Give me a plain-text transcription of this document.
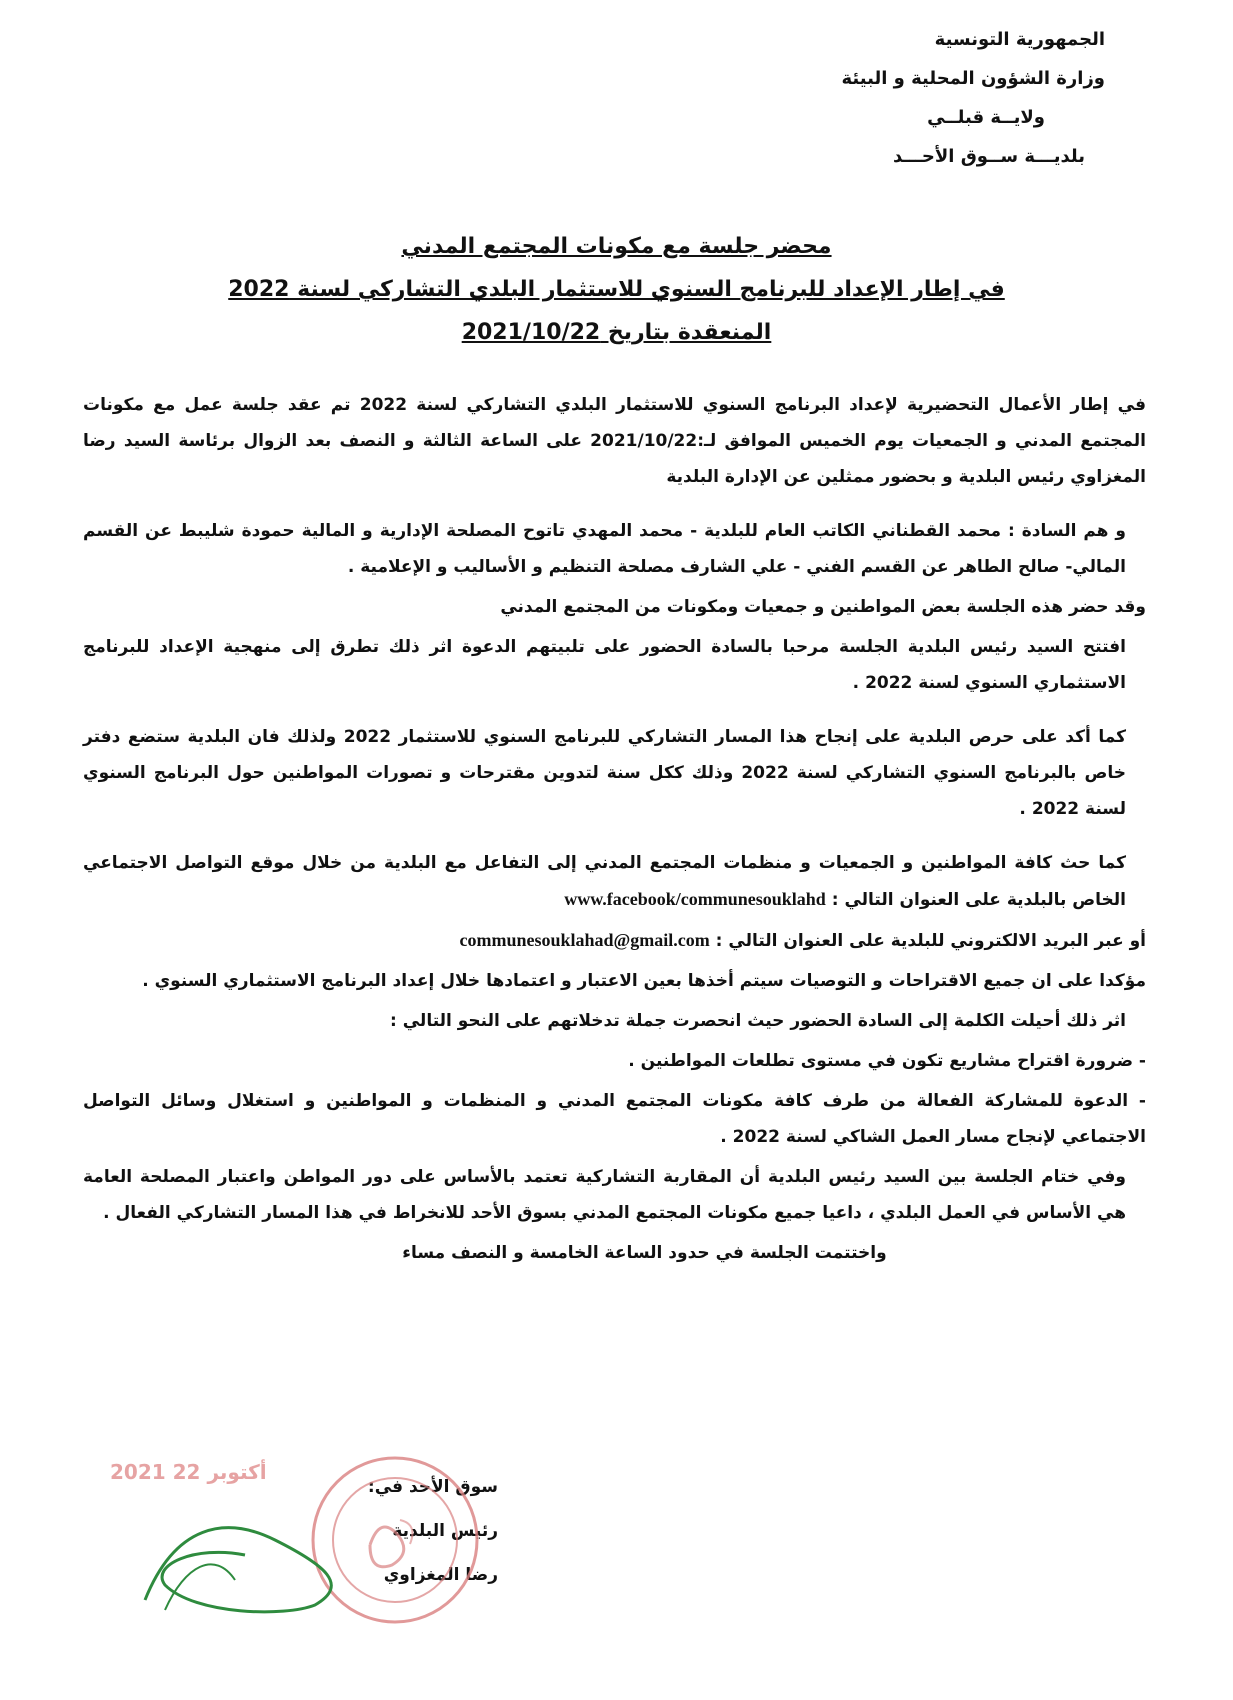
الجمهورية التونسية
وزارة الشؤون المحلية و البيئة
ولايــة قبلــي
بلديـــة ســوق الأحـــد
محضر جلسة مع مكونات المجتمع المدني
في إطار الإعداد للبرنامج السنوي للاستثمار البلدي التشاركي لسنة 2022
المنعقدة بتاريخ 2021/10/22

في إطار الأعمال التحضيرية لإعداد البرنامج السنوي للاستثمار البلدي التشاركي لسنة 2022 تم عقد جلسة عمل مع مكونات المجتمع المدني و الجمعيات يوم الخميس الموافق لـ:2021/10/22 على الساعة الثالثة و النصف بعد الزوال برئاسة السيد رضا المغزاوي رئيس البلدية و بحضور ممثلين عن الإدارة البلدية

و هم السادة : محمد القطناني الكاتب العام للبلدية - محمد المهدي تاتوح المصلحة الإدارية و المالية حمودة شليبط عن القسم المالي- صالح الطاهر عن القسم الفني - علي الشارف مصلحة التنظيم و الأساليب و الإعلامية .

وقد حضر هذه الجلسة بعض المواطنين و جمعيات ومكونات من المجتمع المدني

افتتح السيد رئيس البلدية الجلسة مرحبا بالسادة الحضور على تلبيتهم الدعوة اثر ذلك تطرق إلى منهجية الإعداد للبرنامج الاستثماري السنوي لسنة 2022 .

كما أكد على حرص البلدية على إنجاح هذا المسار التشاركي للبرنامج السنوي للاستثمار 2022 ولذلك فان البلدية ستضع دفتر خاص بالبرنامج السنوي التشاركي لسنة 2022 وذلك ككل سنة لتدوين مقترحات و تصورات المواطنين حول البرنامج السنوي لسنة 2022 .

كما حث كافة المواطنين و الجمعيات و منظمات المجتمع المدني إلى التفاعل مع البلدية من خلال موقع التواصل الاجتماعي الخاص بالبلدية على العنوان التالي : www.facebook/communesouklahd

أو عبر البريد الالكتروني للبلدية على العنوان التالي : communesouklahad@gmail.com

مؤكدا على ان جميع الاقتراحات و التوصيات سيتم أخذها بعين الاعتبار و اعتمادها خلال إعداد البرنامج الاستثماري السنوي .

اثر ذلك أحيلت الكلمة إلى السادة الحضور حيث انحصرت جملة تدخلاتهم على النحو التالي :

- ضرورة اقتراح مشاريع تكون في مستوى تطلعات المواطنين .

- الدعوة للمشاركة الفعالة من طرف كافة مكونات المجتمع المدني و المنظمات و المواطنين و استغلال وسائل التواصل الاجتماعي لإنجاح مسار العمل الشاكي لسنة 2022 .

وفي ختام الجلسة بين السيد رئيس البلدية أن المقاربة التشاركية تعتمد بالأساس على دور المواطن واعتبار المصلحة العامة هي الأساس في العمل البلدي ، داعيا جميع مكونات المجتمع المدني بسوق الأحد للانخراط في هذا المسار التشاركي الفعال .

واختتمت الجلسة في حدود الساعة الخامسة و النصف مساء

سوق الأحد في:
رئيس البلدية
رضا المغزاوي
2021 أكتوبر 22
